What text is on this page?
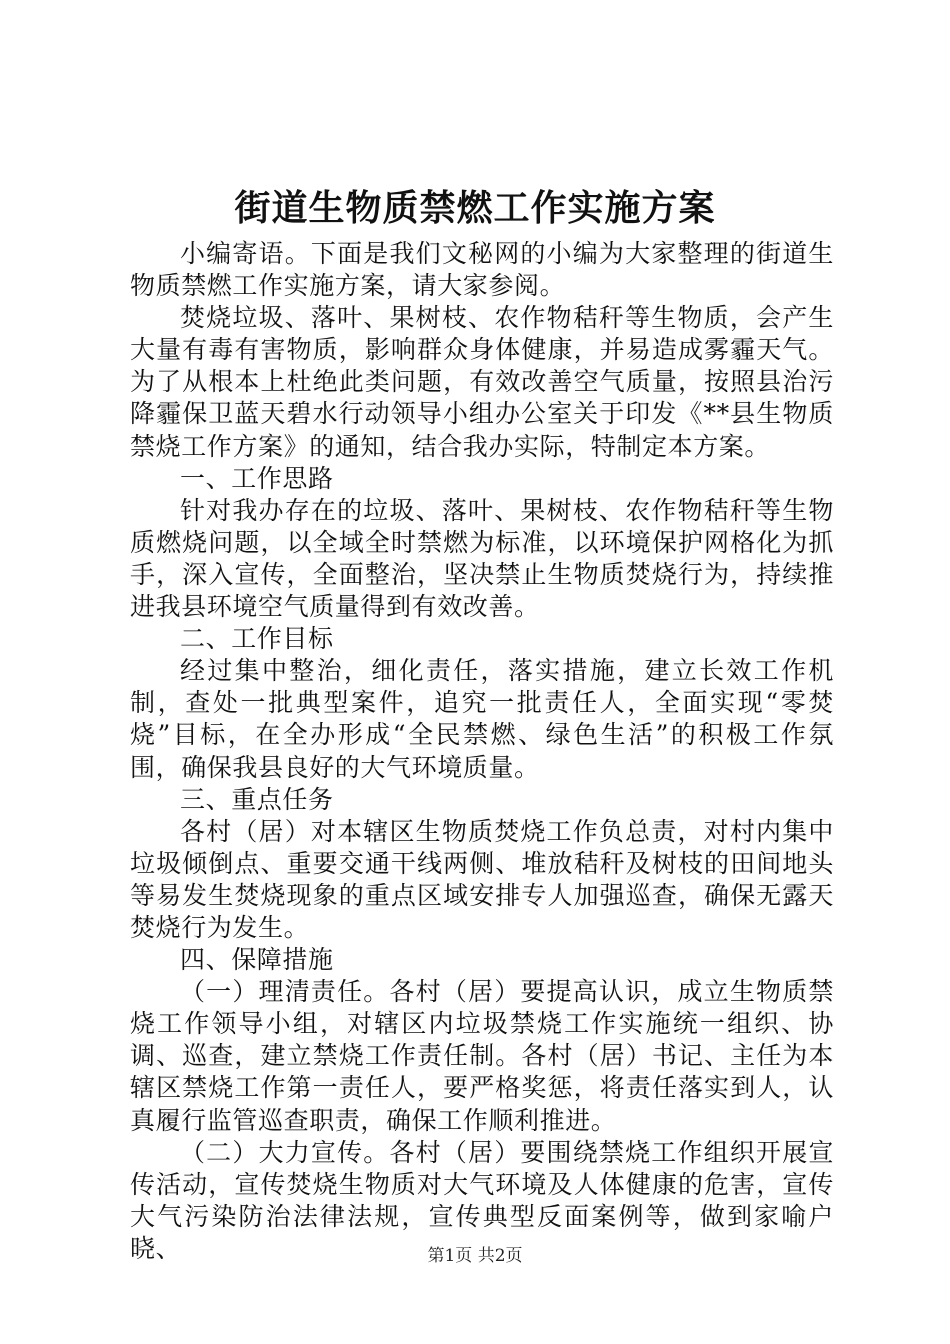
街道生物质禁燃工作实施方案

小编寄语。下面是我们文秘网的小编为大家整理的街道生物质禁燃工作实施方案，请大家参阅。

焚烧垃圾、落叶、果树枝、农作物秸秆等生物质，会产生大量有毒有害物质，影响群众身体健康，并易造成雾霾天气。为了从根本上杜绝此类问题，有效改善空气质量，按照县治污降霾保卫蓝天碧水行动领导小组办公室关于印发《**县生物质禁烧工作方案》的通知，结合我办实际，特制定本方案。

一、工作思路

针对我办存在的垃圾、落叶、果树枝、农作物秸秆等生物质燃烧问题，以全域全时禁燃为标准，以环境保护网格化为抓手，深入宣传，全面整治，坚决禁止生物质焚烧行为，持续推进我县环境空气质量得到有效改善。

二、工作目标

经过集中整治，细化责任，落实措施，建立长效工作机制，查处一批典型案件，追究一批责任人，全面实现“零焚烧”目标，在全办形成“全民禁燃、绿色生活”的积极工作氛围，确保我县良好的大气环境质量。

三、重点任务

各村（居）对本辖区生物质焚烧工作负总责，对村内集中垃圾倾倒点、重要交通干线两侧、堆放秸秆及树枝的田间地头等易发生焚烧现象的重点区域安排专人加强巡查，确保无露天焚烧行为发生。

四、保障措施

（一）理清责任。各村（居）要提高认识，成立生物质禁烧工作领导小组，对辖区内垃圾禁烧工作实施统一组织、协调、巡查，建立禁烧工作责任制。各村（居）书记、主任为本辖区禁烧工作第一责任人，要严格奖惩，将责任落实到人，认真履行监管巡查职责，确保工作顺利推进。

（二）大力宣传。各村（居）要围绕禁烧工作组织开展宣传活动，宣传焚烧生物质对大气环境及人体健康的危害，宣传大气污染防治法律法规，宣传典型反面案例等，做到家喻户晓、	第1页 共2页
